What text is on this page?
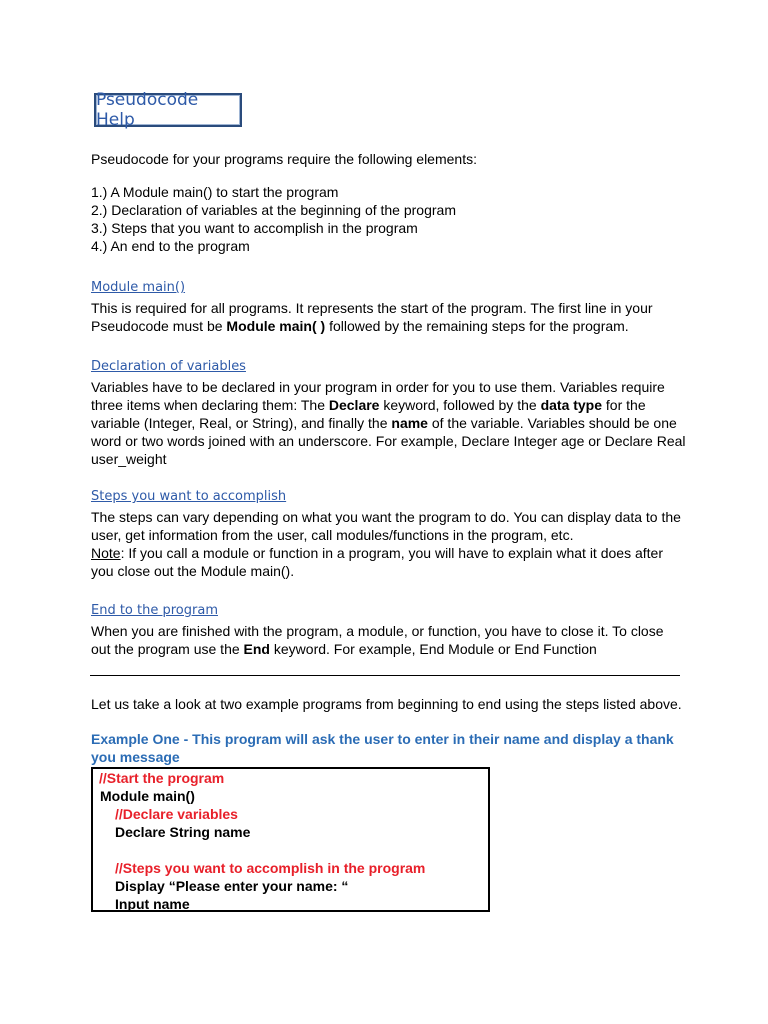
Pseudocode Help

Pseudocode for your programs require the following elements:

1.) A Module main() to start the program

2.) Declaration of variables at the beginning of the program

3.) Steps that you want to accomplish in the program

4.) An end to the program

Module main()

This is required for all programs. It represents the start of the program. The first line in your

Pseudocode must be Module main( ) followed by the remaining steps for the program.

Declaration of variables

Variables have to be declared in your program in order for you to use them. Variables require

three items when declaring them: The Declare keyword, followed by the data type for the

variable (Integer, Real, or String), and finally the name of the variable. Variables should be one

word or two words joined with an underscore. For example, Declare Integer age or Declare Real

user_weight

Steps you want to accomplish

The steps can vary depending on what you want the program to do. You can display data to the

user, get information from the user, call modules/functions in the program, etc.

Note: If you call a module or function in a program, you will have to explain what it does after

you close out the Module main().

End to the program

When you are finished with the program, a module, or function, you have to close it. To close

out the program use the End keyword. For example, End Module or End Function

Let us take a look at two example programs from beginning to end using the steps listed above.

Example One - This program will ask the user to enter in their name and display a thank
you message
//Start the program
Module main()
//Declare variables
Declare String name
//Steps you want to accomplish in the program
Display “Please enter your name: “
Input name
